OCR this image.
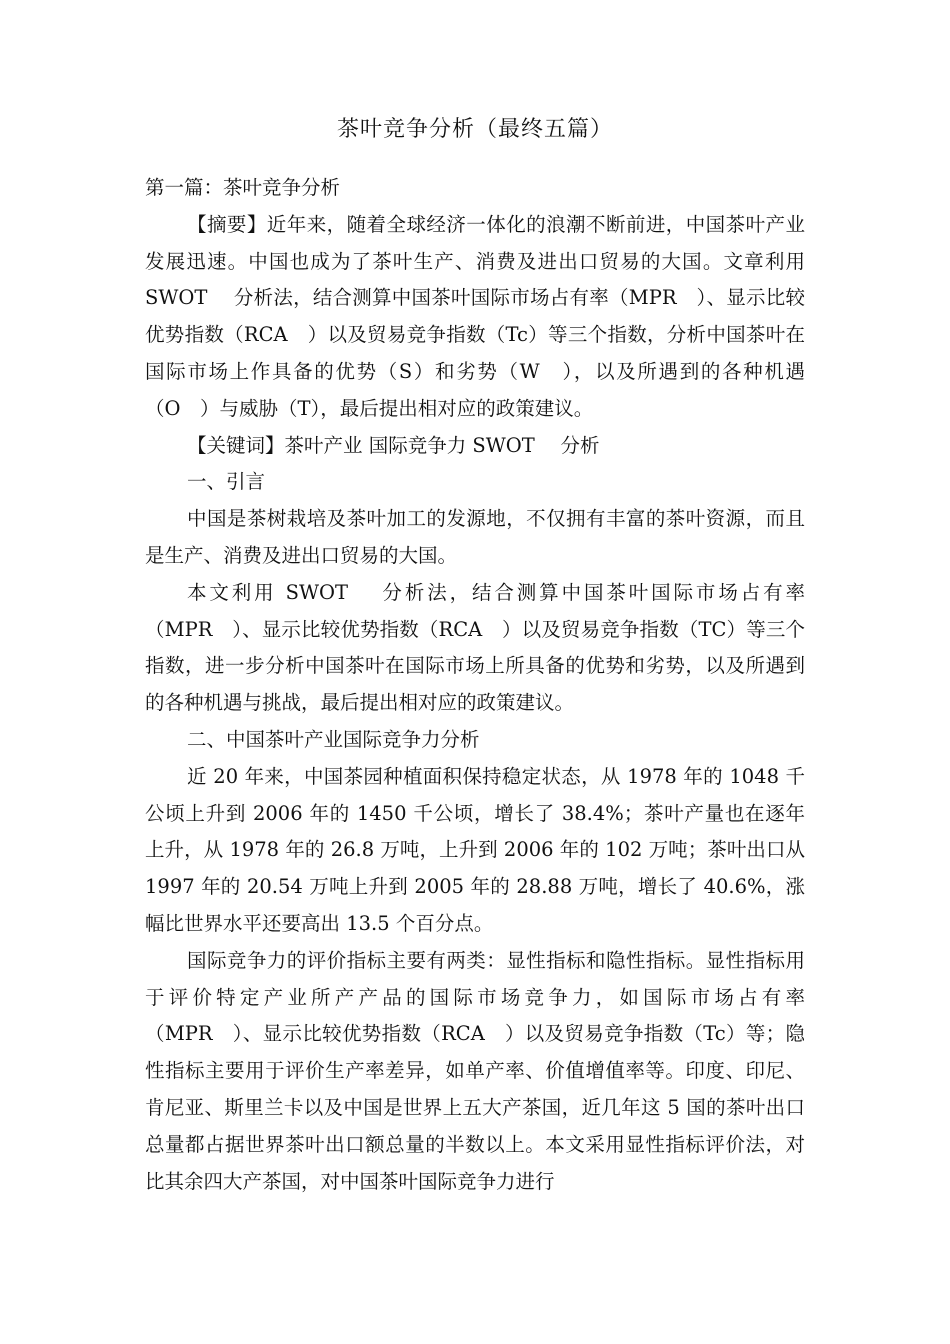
茶叶竞争分析（最终五篇）

第一篇：茶叶竞争分析

【摘要】近年来，随着全球经济一体化的浪潮不断前进，中国茶叶产业发展迅速。中国也成为了茶叶生产、消费及进出口贸易的大国。文章利用 SWOT　 分析法，结合测算中国茶叶国际市场占有率（MPR　）、显示比较优势指数（RCA　）以及贸易竞争指数（Tc）等三个指数，分析中国茶叶在国际市场上作具备的优势（S）和劣势（W　），以及所遇到的各种机遇（O　）与威胁（T），最后提出相对应的政策建议。

【关键词】茶叶产业 国际竞争力 SWOT　 分析

一、引言

中国是茶树栽培及茶叶加工的发源地，不仅拥有丰富的茶叶资源，而且是生产、消费及进出口贸易的大国。

本文利用 SWOT　 分析法，结合测算中国茶叶国际市场占有率（MPR　）、显示比较优势指数（RCA　）以及贸易竞争指数（TC）等三个指数，进一步分析中国茶叶在国际市场上所具备的优势和劣势，以及所遇到的各种机遇与挑战，最后提出相对应的政策建议。

二、中国茶叶产业国际竞争力分析

近 20 年来，中国茶园种植面积保持稳定状态，从 1978 年的 1048 千公顷上升到 2006 年的 1450 千公顷，增长了 38.4%；茶叶产量也在逐年上升，从 1978 年的 26.8 万吨，上升到 2006 年的 102 万吨；茶叶出口从 1997 年的 20.54 万吨上升到 2005 年的 28.88 万吨，增长了 40.6%，涨幅比世界水平还要高出 13.5 个百分点。

国际竞争力的评价指标主要有两类：显性指标和隐性指标。显性指标用于评价特定产业所产产品的国际市场竞争力，如国际市场占有率（MPR　）、显示比较优势指数（RCA　）以及贸易竞争指数（Tc）等；隐性指标主要用于评价生产率差异，如单产率、价值增值率等。印度、印尼、肯尼亚、斯里兰卡以及中国是世界上五大产茶国，近几年这 5 国的茶叶出口总量都占据世界茶叶出口额总量的半数以上。本文采用显性指标评价法，对比其余四大产茶国，对中国茶叶国际竞争力进行
